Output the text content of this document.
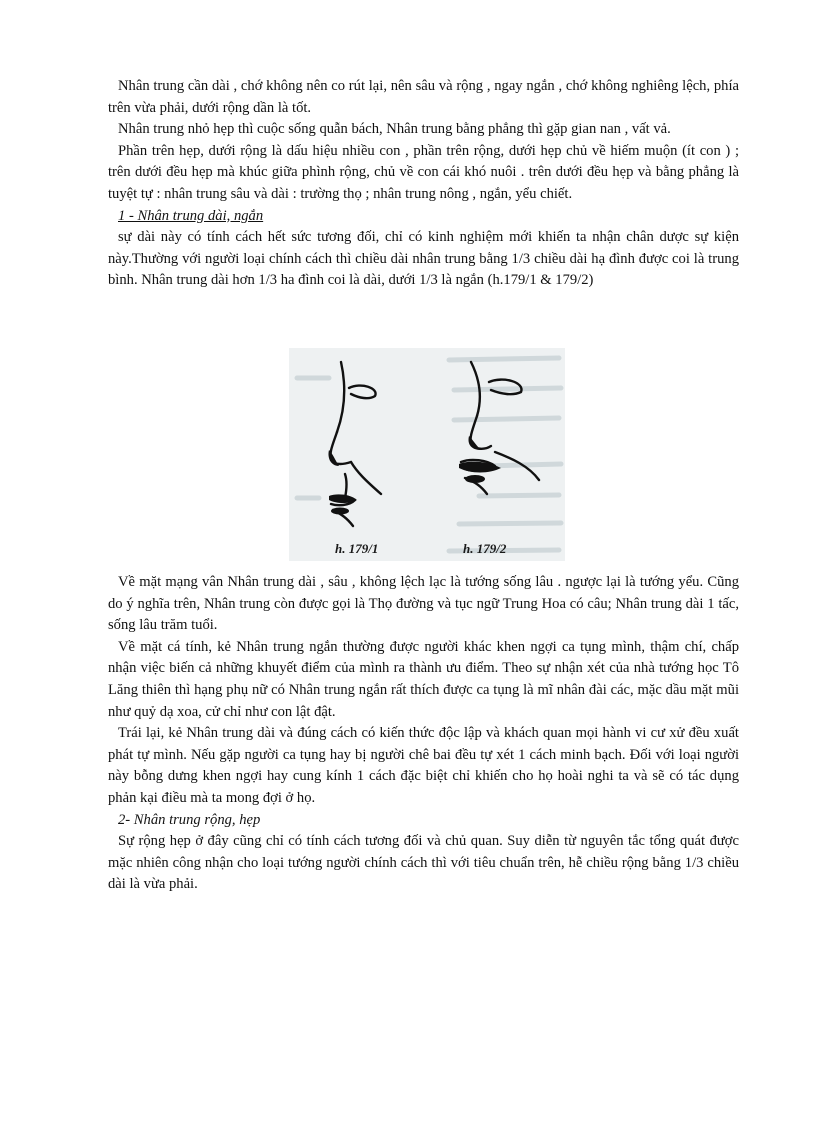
Nhân trung cần dài , chớ không nên co rút lại, nên sâu và rộng , ngay ngắn , chớ không nghiêng lệch, phía trên vừa phải, dưới rộng dần là tốt.

Nhân trung nhỏ hẹp thì cuộc sống quẫn bách, Nhân trung bằng phẳng thì gặp gian nan , vất vả.

Phần trên hẹp, dưới rộng là dấu hiệu nhiều con , phần trên rộng, dưới hẹp chủ về hiếm muộn (ít con ) ; trên dưới đều hẹp mà khúc giữa phình rộng, chủ về con cái khó nuôi . trên dưới đều hẹp và bằng phẳng là tuyệt tự : nhân trung sâu và dài : trường thọ ; nhân trung nông , ngắn, yểu chiết.

1 - Nhân trung dài, ngắn

sự dài này có tính cách hết sức tương đối, chỉ có kinh nghiệm mới khiến ta nhận chân dược sự kiện này.Thường với người loại chính cách thì chiều dài nhân trung bằng 1/3 chiều dài hạ đình được coi là trung bình. Nhân trung dài hơn 1/3 ha đình coi là dài, dưới 1/3 là ngắn (h.179/1 & 179/2)

h. 179/1	h. 179/2

Về mặt mạng vân Nhân trung dài , sâu , không lệch lạc là tướng sống lâu . ngược lại là tướng yểu. Cũng do ý nghĩa trên, Nhân trung còn được gọi là Thọ đường và tục ngữ Trung Hoa có câu; Nhân trung dài 1 tấc, sống lâu trăm tuổi.

Về mặt cá tính, kẻ Nhân trung ngắn thường được người khác khen ngợi ca tụng mình, thậm chí, chấp nhận việc biến cả những khuyết điểm của mình ra thành ưu điểm. Theo sự nhận xét của nhà tướng học Tô Lăng thiên thì hạng phụ nữ có Nhân trung ngắn rất thích được ca tụng là mĩ nhân đài các, mặc dầu mặt mũi như quỷ dạ xoa, cử chỉ như con lật đật.

Trái lại, kẻ Nhân trung dài và đúng cách có kiến thức độc lập và khách quan mọi hành vi cư xử đều xuất phát tự mình. Nếu gặp người ca tụng hay bị người chê bai đều tự xét 1 cách minh bạch. Đối với loại người này bỗng dưng khen ngợi hay cung kính 1 cách đặc biệt chỉ khiến cho họ hoài nghi ta và sẽ có tác dụng phản kại điều mà ta mong đợi ở họ.

2- Nhân trung rộng, hẹp

Sự rộng hẹp ở đây cũng chỉ có tính cách tương đối và chủ quan. Suy diễn từ nguyên tắc tổng quát được mặc nhiên công nhận cho loại tướng người chính cách thì với tiêu chuẩn trên, hễ chiều rộng bằng 1/3 chiều dài là vừa phải.
